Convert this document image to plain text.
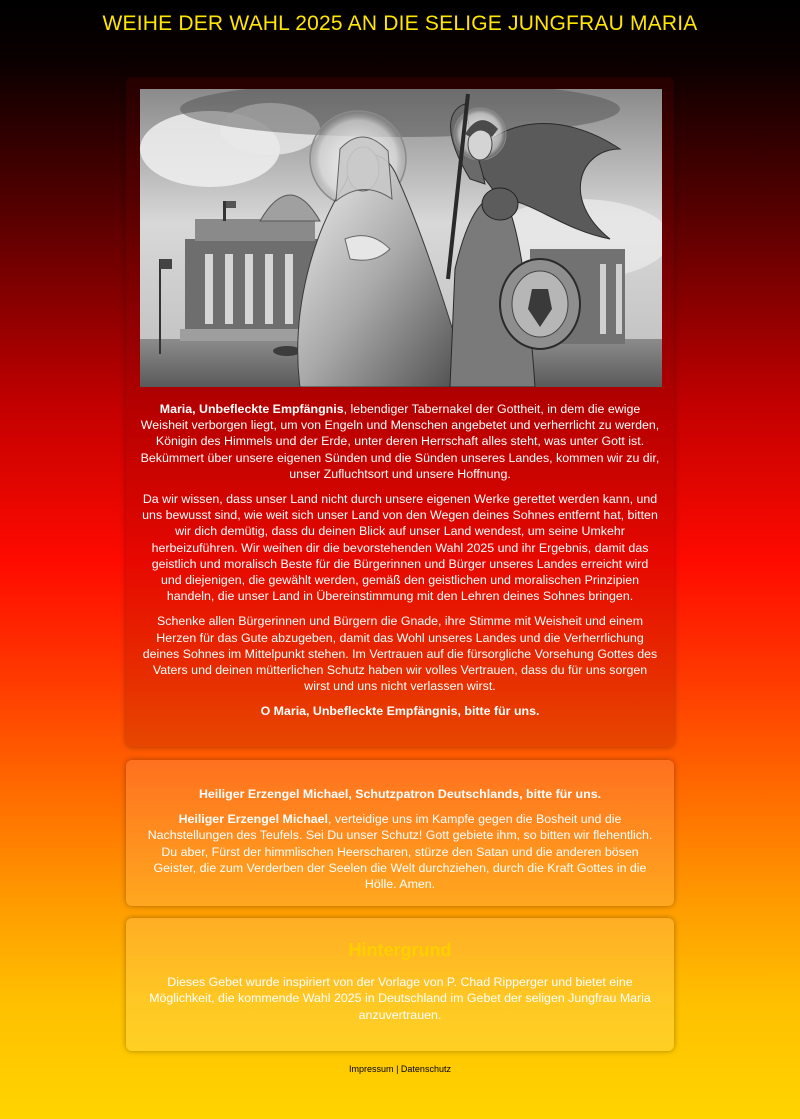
WEIHE DER WAHL 2025 AN DIE SELIGE JUNGFRAU MARIA

Maria, Unbefleckte Empfängnis, lebendiger Tabernakel der Gottheit, in dem die ewige Weisheit verborgen liegt, um von Engeln und Menschen angebetet und verherrlicht zu werden, Königin des Himmels und der Erde, unter deren Herrschaft alles steht, was unter Gott ist. Bekümmert über unsere eigenen Sünden und die Sünden unseres Landes, kommen wir zu dir, unser Zufluchtsort und unsere Hoffnung.

Da wir wissen, dass unser Land nicht durch unsere eigenen Werke gerettet werden kann, und uns bewusst sind, wie weit sich unser Land von den Wegen deines Sohnes entfernt hat, bitten wir dich demütig, dass du deinen Blick auf unser Land wendest, um seine Umkehr herbeizuführen. Wir weihen dir die bevorstehenden Wahl 2025 und ihr Ergebnis, damit das geistlich und moralisch Beste für die Bürgerinnen und Bürger unseres Landes erreicht wird und diejenigen, die gewählt werden, gemäß den geistlichen und moralischen Prinzipien handeln, die unser Land in Übereinstimmung mit den Lehren deines Sohnes bringen.

Schenke allen Bürgerinnen und Bürgern die Gnade, ihre Stimme mit Weisheit und einem Herzen für das Gute abzugeben, damit das Wohl unseres Landes und die Verherrlichung deines Sohnes im Mittelpunkt stehen. Im Vertrauen auf die fürsorgliche Vorsehung Gottes des Vaters und deinen mütterlichen Schutz haben wir volles Vertrauen, dass du für uns sorgen wirst und uns nicht verlassen wirst.

O Maria, Unbefleckte Empfängnis, bitte für uns.

Heiliger Erzengel Michael, Schutzpatron Deutschlands, bitte für uns.

Heiliger Erzengel Michael, verteidige uns im Kampfe gegen die Bosheit und die Nachstellungen des Teufels. Sei Du unser Schutz! Gott gebiete ihm, so bitten wir flehentlich. Du aber, Fürst der himmlischen Heerscharen, stürze den Satan und die anderen bösen Geister, die zum Verderben der Seelen die Welt durchziehen, durch die Kraft Gottes in die Hölle. Amen.

Hintergrund

Dieses Gebet wurde inspiriert von der Vorlage von P. Chad Ripperger und bietet eine Möglichkeit, die kommende Wahl 2025 in Deutschland im Gebet der seligen Jungfrau Maria anzuvertrauen.

Impressum | Datenschutz
